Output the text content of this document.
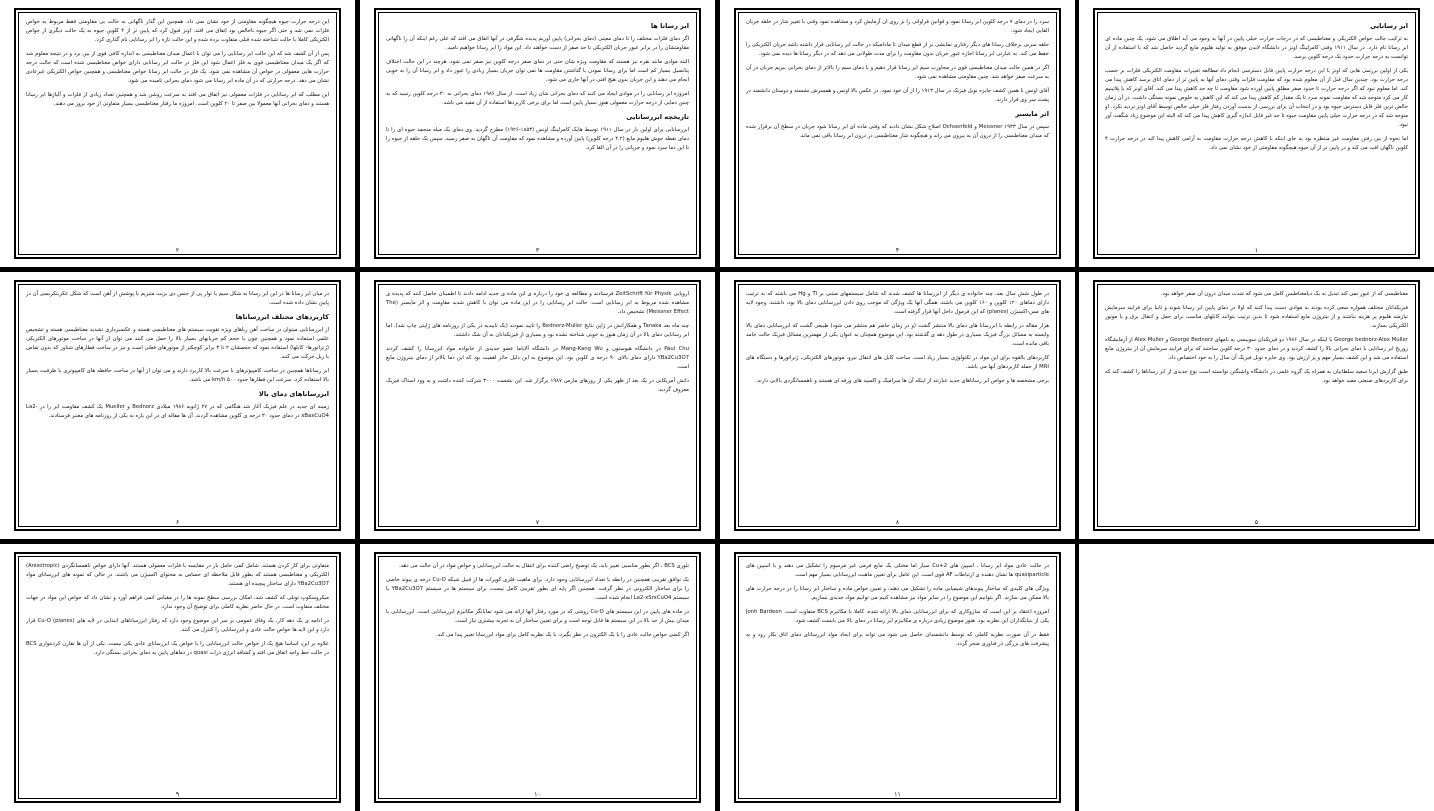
این درجه حرارت جیوه هیچگونه مقاومتی از خود نشان نمی داد. همچنین این گذار ناگهانی به حالت بی مقاومتی فقط مربوط به خواص فلزات نمی شد و حتی اگر جیوه ناخالص بود اتفاق می افتد. اونز قبول کرد که پایین تر از ۴ کلوین جیوه به یک حالت دیگری از خواص الکتریکی کاملا با حالت شناخته شده قبلی متفاوت برده شده و این حالت تازه را ابر رسانایی نام گذاری کرد.

پس از آن کشف شد که این حالت ابر رسانایی را می توان با اعمال میدان مغناطیسی به اندازه کافی قوی از بین برد و در نتیجه معلوم شد که اگر یک میدان مغناطیسی قوی به فلز اعمال شود این فلز در حالت ابر رسانایی دارای خواص مغناطیسی شده است که حالت درجه حرارت هایی معمولی در خواص آن مشاهده نمی شود. یک فلز در حالت ابر رسانا خواص مغناطیسی و همچنین خواص الکتریکی غیرعادی نشان می دهد. درجه حرارتی که در آن ماده ابر رسانا می شود دمای بحرانی نامیده می شود.

این مطلب که ابر رسانایی در فلزات معمولی نیز اتفاق می افتد به سرعت روشن شد و همچنین تعداد زیادی از فلزات و آلیاژها ابر رسانا هستند و دمای بحرانی آنها معمولا بین صفر تا ۲۰ کلوین است. امروزه ما رفتار مغناطیسی بسیار متفاوتی از خود بروز می دهند.

۲
ابر رسانا ها

اگر دمای فلزات مختلف را تا دمای معینی (دمای بحرانی) پایین آوریم پدیده شگرفی در آنها اتفاق می افتد که علی رغم اینکه آن را ناگهانی مقاومتشان را در برابر عبور جریان الکتریکی تا حد صفر از دست خواهند داد. این مواد را ابر رسانا خواهیم نامید.

البته موادی مانند نقره نیز هستند که مقاومت ویژه شان حتی در دمای صفر درجه کلوین نیز صفر نمی شود. هرچند در این حالت اختلاف پتانسیل بسیار کم است اما برای رسانا نمودن با گذاشتن مقاومت ها نمی توان جریان بسیار زیادی را عبور داد و ابر رسانا آن را به خوبی انجام می دهند و این جریان بدون هیچ افتی در آنها جاری می شود.

امروزه ابر رسانایی را در موادی ایجاد می کنند که دمای بحرانی شان زیاد است. از سال ۱۹۸۶ دمای بحرانی به ۳۰ درجه کلوین رسید که به چنین دمایی از درجه حرارت معمولی هنوز بسیار پایین است اما برای برخی کاربردها استفاده از آن مفید می باشد.

تاریخچه ابررسانایی

ابررسانایی برای اولین بار در سال ۱۹۱۱ توسط هایک کامرلینگ اونس (۱۸۵۳-۱۹۲۶) مطرح گردید. وی دمای یک میله منجمد جیوه ای را تا دمای نقطه جوش هلیوم مایع (۴.۲ درجه کلوین) پایین آورده و مشاهده نمود که مقاومت آن ناگهان به صفر رسید. سپس یک حلقه از جیوه را تا این دما سرد نمود و جریانی را در آن القا کرد.

۳

سرد را در دمای ۷ درجه کلوین ابر رسانا نمود و قوانین فراوانی را بر روی ان آزمایش کرد و مشاهده نمود وقتی با تغییر شار در حلقه جریان القایی ایجاد شود.

حلقه سربی برخلاف رسانا های دیگر رفتاری نمایشی بر از قطع میدان تا مادامیکه در حالت ابر رسانایی قرار داشته باشد جریان الکتریکی را حفظ می کند. به عبارتی ابر رسانا اجازه عبور جریان بدون مقاومت را برای مدت طولانی می دهد که در دیگر رسانا ها دیده نمی شود.

اگر در همین حالت میدان مغناطیسی قوی در مجاورت سیم ابر رسانا قرار دهیم و یا دمای سیم را بالاتر از دمای بحرانی ببریم جریان در آن به سرعت صفر خواهد شد. چنین مقاومتی مشاهده نمی شود.

آقای اونس با همین کشف جایزه نوبل فیزیک در سال ۱۹۱۳ را از آن خود نمود. در عکس بالا اونس و همسرش نشسته و دوستان دانشمند در پشت سر وی قرار دارند.

اثر مایسنر

سپس در سال ۱۹۳۳ Meissner و Ochsenfeld اصلاح شکل نشان دادند که وقتی ماده ای ابر رسانا شود جریان در سطح آن برقرار شده که میدان مغناطیسی را از درون آن به بیرون می راند و هیچگونه شار مغناطیسی در درون ابر رسانا باقی نمی ماند.

۴
ابر رسانایی

به ترکیب جالب خواص الکتریکی و مغناطیسی که در درجات حرارت خیلی پایین در آنها به وجود می آید اطلاق می شود. یک چنین ماده ای ابر رسانا نام دارد. در سال ۱۹۱۱ وقتی کامرلینگ اونز در دانشگاه لایدن موفق به تولید هلیوم مایع گردید حاصل شد که با استفاده از آن توانست به درجه حرارت حدود یک درجه کلوین برسد.

یکی از اولین بررسی هایی که اونز با این درجه حرارت پایین قابل دسترسی انجام داد مطالعه تغییرات مقاومت الکتریکی فلزات بر حسب درجه حرارت بود. چندین سال قبل از آن معلوم شده بود که مقاومت فلزات وقتی دمای آنها به پایین تر از دمای اتاق برسد کاهش پیدا می کند. اما معلوم نبود که اگر درجه حرارت تا حدود صفر مطلق پایین آورده شود مقاومت تا چه حد کاهش پیدا می کند. آقای اونز که با پلاتینیم کار می کرد متوجه شد که مقاومت نمونه سرد تا یک مقدار کم کاهش پیدا می کند که این کاهش به خلوص نمونه بستگی داشت. در آن زمان خالص ترین فلز قابل دسترس جیوه بود و در انتخاب آن برای بررسی از بدست آوردن رفتار فلز خیلی خالص توسط آقای اونز تردید نکرد. او متوجه شد که در درجه حرارت خیلی پایین مقاومت جیوه تا حد غیر قابل اندازه گیری کاهش پیدا می کند که البته این موضوع زیاد شگفت آور نبود.

اما نحوه از بین رفتن مقاومت غیر منتظره بود به جای اینکه با کاهش درجه حرارت مقاومت به آرامی کاهش پیدا کند در درجه حرارت ۴ کلوین ناگهان افت می کند و در پایین تر از آن جیوه هیچگونه مقاومتی از خود نشان نمی داد.

۱

در میان ابر رسانا ها در این ابر رسانا به شکل سیم یا نوار پی از جنس دی بریت متیریم یا پوشش از آهن است که شکل عکربتکربسی آن در پایین نشان داده شده است.

کاربردهای مختلف ابررساناها

از ابررسانایی میتوان در ساخت آهن رباهای ویژه تقویت سیستم های مغناطیسی هسته و عکسبرداری تشدید مغناطیسی هسته و تشخیص علمی استفاده نمود و همچنین چون با حجم کم جریانهای بسیار بالا را حمل می کنند می توان از آنها در ساخت موتورهای الکتریکی (ژنراتورها- کابلها) استفاده نمود که حجمشان ۲ تا ۳ برابر کوچکتر از موتورهای فعلی است و نیز در ساخت قطارهای شناور که بدون تماس با ریل حرکت می کنند.

ابر رساناها همچنین در ساخت کامپیوترهای با سرعت بالا کاربرد دارند و می توان از آنها در ساخت حافظه های کامپیوتری با ظرفیت بسیار بالا استفاده کرد. سرعت این قطارها حدود ۵۰۰ km/h می باشد.

ابررساناهای دمای بالا

زمینه ای جدید در علم فیزیک آغاز شد هنگامی که در ۲۷ ژانویه ۱۹۸۶ میلادی Bednorz و Mueller یک کشف مقاومت ابر را در La2-xBaxCuO4 در دمای حدود ۳۰ درجه ی کلوین مشاهده کردند. آن ها مقاله ای در این باره به یکی از روزنامه های معتبر فرستادند.

۶

اروپایی ZeitSchrift für Physik فرستادند و مطالعه ی خود را درباره ی این ماده ی جدید ادامه دادند تا اطمینان حاصل کنند که پدیده ی مشاهده شده مربوط به ابر رسانایی است. حالت ابر رسانایی را در این ماده می توان با کاهش شدید مقاومت و اثر مایسنر (The Meissner Effect) تشخیص داد.

چند ماه بعد Tanaka و همکارانش در ژاپن نتایج Bednorz-Muller را تایید نمودند (یک تاییدیه در یکی از روزنامه های ژاپنی چاپ شد). اما ابر رسانایی دمای بالا در آن زمان هنوز به خوبی شناخته نشده بود و بسیاری از فیزیکدانان به آن شک داشتند.

Paul Chu در دانشگاه هیوستون و Mang-Kang Wu در دانشگاه آلاباما عضو جدیدی از خانواده مواد ابررسانا را کشف کردند YBa2Cu3O7 دارای دمای بالای ۹۰ درجه ی کلوین بود. این موضوع به این دلیل حائز اهمیت بود که این دما بالاتر از دمای نیتروژن مایع است.

دانش آمریکایی در یک بعد از ظهر یکی از روزهای مارس ۱۹۸۷ برگزار شد. این نشست ۳۰۰۰ شرکت کننده داشت و به وود استاک فیزیک معروف گردید.

۷

در طول شش سال بعد، چند خانواده ی دیگر از ابررسانا ها کشف شدند که شامل سیستمهای مبتنی بر Tl و Hg می باشند که به ترتیب دارای دماهای ۱۲۰ کلوین و ۱۶۰ کلوین می باشند. همگی آنها یک ویژگی که موجب روی دادن ابررسانایی دمای بالا بود، داشتند. وجود لایه های مس-اکسیژن (planes) که این فرمول داخل آنها قرار گرفته است.

هزار مقاله در رابطه با ابررسانا های دمای بالا منتشر گشت (و در زمان حاضر هم منتشر می شود) طبیعی گشت که ابررسانایی دمای بالا وابسته به مسائل بزرگ فیزیک بسیاری در طول دهه ی گذشته بود. این موضوع همچنان به عنوان یکی از مهمترین مسائل فیزیک حالت جامد باقی مانده است.

کاربردهای بالقوه برای این مواد در تکنولوژی بسیار زیاد است. ساخت کابل های انتقال نیرو، موتورهای الکتریکی، ژنراتورها و دستگاه های MRI از جمله کاربردهای آنها می باشد.

برخی مشخصه ها و خواص ابر رساناهای جدید عبارتند از اینکه آن ها سرامیک و اکسید های ورقه ای هستند و ناهمسانگردی بالایی دارند.

۸

مغناطیسی که از عبور نمی کند تبدیل به یک دیامغناطیس کامل می شود که شدت میدان درون آن صفر خواهد بود.

فیزیکدانان مختلف همواره سعی کرده بودند به موادی دست پیدا کنند که اولا در دمای پایین ابر رسانا شوند و ثانیا برای فرایند سرمایش نیازمند هلیوم پر هزینه نباشند و از نیتروژن مایع استفاده شود تا بدین ترتیب بتوانند کابلهای مناسب برای حمل و انتقال برق و یا موتور الکتریکی بسازند.

George bednorz-Alex Muller با اینکه در سال ۱۹۸۶ دو فیزیکدان سوییسی به نامهای George Bednorz و Alex Muller از آزمایشگاه زوریخ ابر رسانایی با دمای بحرانی بالا را کشف کردند و در دمای حدود ۳۰ درجه کلوین ساختند که برای فرایند سرمایش آن از نیتروژن مایع استفاده می شد و این کشف بسیار مهم و پر ارزش بود. وی جایزه نوبل فیزیک آن سال را به خود اختصاص داد.

طبق گزارش ایرنا سعید سلطانیان به همراه یک گروه علمی در دانشگاه واشنگتن توانسته است نوع جدیدی از ابر رساناها را کشف کند که برای کاربردهای صنعتی مفید خواهد بود.

۵

متفاوتی برای کار کردن هستند. شامل کمی حامل بار در مقایسه با فلزات معمولی هستند. آنها دارای خواص ناهمسانگردی (Anisotropic) الکتریکی و مغناطیسی هستند که بطور قابل ملاحظه ای حساس به محتوای اکسیژن می باشند. در حالی که نمونه های ابررسانای مواد YBa2Cu3O7 دارای ساختار پیچیده ای هستند.

میکروسکوپ تونلی که کشف شد، امکان بررسی سطح نمونه ها را در مقیاس اتمی فراهم آورد و نشان داد که خواص این مواد در جهات مختلف متفاوت است. در حال حاضر نظریه کاملی برای توضیح آن وجود ندارد.

در ادامه ی یک دهه کار، یک وفاق عمومی بر سر این موضوع وجود دارد که رفتار ابررساناهای ابتدایی در لایه های (planes) Cu-O قرار دارد و این لایه ها خواص حالت عادی و ابررسانایی را کنترل می کنند.

علاوه بر این، اساسا هیچ یک از خواص حالت ابررسانایی را با خواص یک ابررسانای عادی یکی نیست. یکی از آن ها تقارن کردنتواری BCS در حالت خط واحد اتفاق می افتد و کشافه انرژی ذرات quasi در دماهای پایین به دمای بحرانی بستگی دارد.

۹

تئوری BCS ، اگر بطور مناسبی تغییر یابد، یک توضیح راضی کننده برای انتقال به حالت ابررسانایی و خواص مواد در آن حالت می دهد.

یک توافق تقریبی همچنین در رابطه با تعداد ابررسانایی وجود دارد. برای ماهیت فلزی کوپرات ها از قبیل شبکه Cu-O درجه ی پیوند خاصی را برای ساختار الکترونی در نظر گرفت. همچنین اگر پایه ای بطور تقریبی کامل نیست، برای سیستم ها در سیستم YBa2Cu3O7 یا سیستم La2-xSrxCuO4 انجام شده است.

در ماده های پایین در این سیستم های Cu-O روشی که در مورد رفتار آنها ارائه می شود نمایانگر مکانیزم ابررسانایی است. ابررسانایی با میدان بیش از حد بالا در این سیستم ها قابل توجه است و برای تعیین ساختار آن به تجربه بیشتری نیاز است.

اگر کسی خواص حالت عادی را با یک الکترون در نظر بگیرد، با یک نظریه کامل برای مواد ابررسانا تغییر پیدا می کند.

۱۰

در حالت عادی مواد ابر رسانا ، اسپین های Cu+2 سیار اما مختلی یک مایع فرمی غیر مرسوم را تشکیل می دهند و با اسپین های quasiparticle ها نشان دهنده ی ارتباطات AF قوی است. این عامل برای تعیین ماهیت ابررسانایی بسیار مهم است.

ویژگی های کلیدی که ساختار پیوندهای شیمیایی ماده را تشکیل می دهند، و تعیین خواص ماده و ساختار ابر رسانا را در درجه حرارت های بالا ممکن می سازند. اگر بتوانیم این موضوع را در سایر مواد نیز مشاهده کنیم می توانیم مواد جدیدی بسازیم.

امروزه اعتقاد بر این است که سازوکاری که برای ابررسانایی دمای بالا ارائه شده، کاملا با مکانیزم BCS متفاوت است. Jonh Bardeen یکی از بنیانگذاران این نظریه بود. هنوز موضوع زیادی درباره ی مکانیزم ابر رسانا در دمای بالا می بایست کشف شود.

فقط در آن صورت نظریه کاملی که توسط دانشمندان حاصل می شود می تواند برای ایجاد مواد ابررسانای دمای اتاق بکار رود و به پیشرفت های بزرگی در فناوری منجر گردد.

۱۱
